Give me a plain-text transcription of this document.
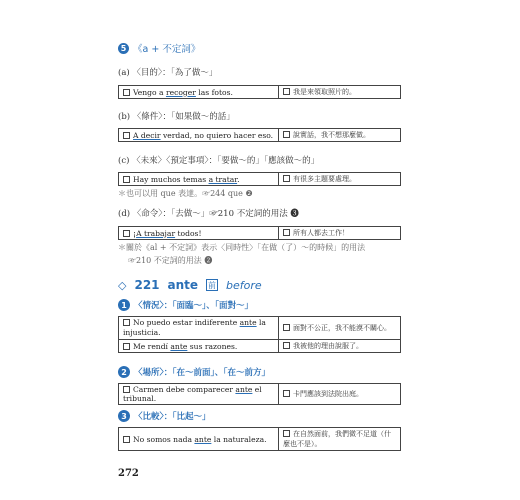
5 《a + 不定詞》
(a) 〈目的〉：「為了做～」
Vengo a recoger las fotos.	我是來領取照片的。
(b) 〈條件〉：「如果做～的話」
A decir verdad, no quiero hacer eso.	說實話，我不想那麼做。
(c) 〈未來〉〈預定事項〉：「要做～的」「應該做～的」
Hay muchos temas a tratar.	有很多主題要處理。
＊也可以用 que 表達。☞244 que ❷
(d) 〈命令〉：「去做～」☞210 不定詞的用法 ❸
¡A trabajar todos!	所有人都去工作！
＊關於《al + 不定詞》表示〈同時性〉「在做（了）～的時候」的用法
☞210 不定詞的用法 ❷
◇ 221 ante 前 before
1 〈情況〉：「面臨～」、「面對～」
No puedo estar indiferente ante la injusticia.	面對不公正，我不能漠不關心。
Me rendí ante sus razones.	我被他的理由說服了。
2 〈場所〉：「在～前面」、「在～前方」
Carmen debe comparecer ante el tribunal.	卡門應該到法院出庭。
3 〈比較〉：「比起～」
No somos nada ante la naturaleza.	在自然面前，我們微不足道（什麼也不是）。
272
